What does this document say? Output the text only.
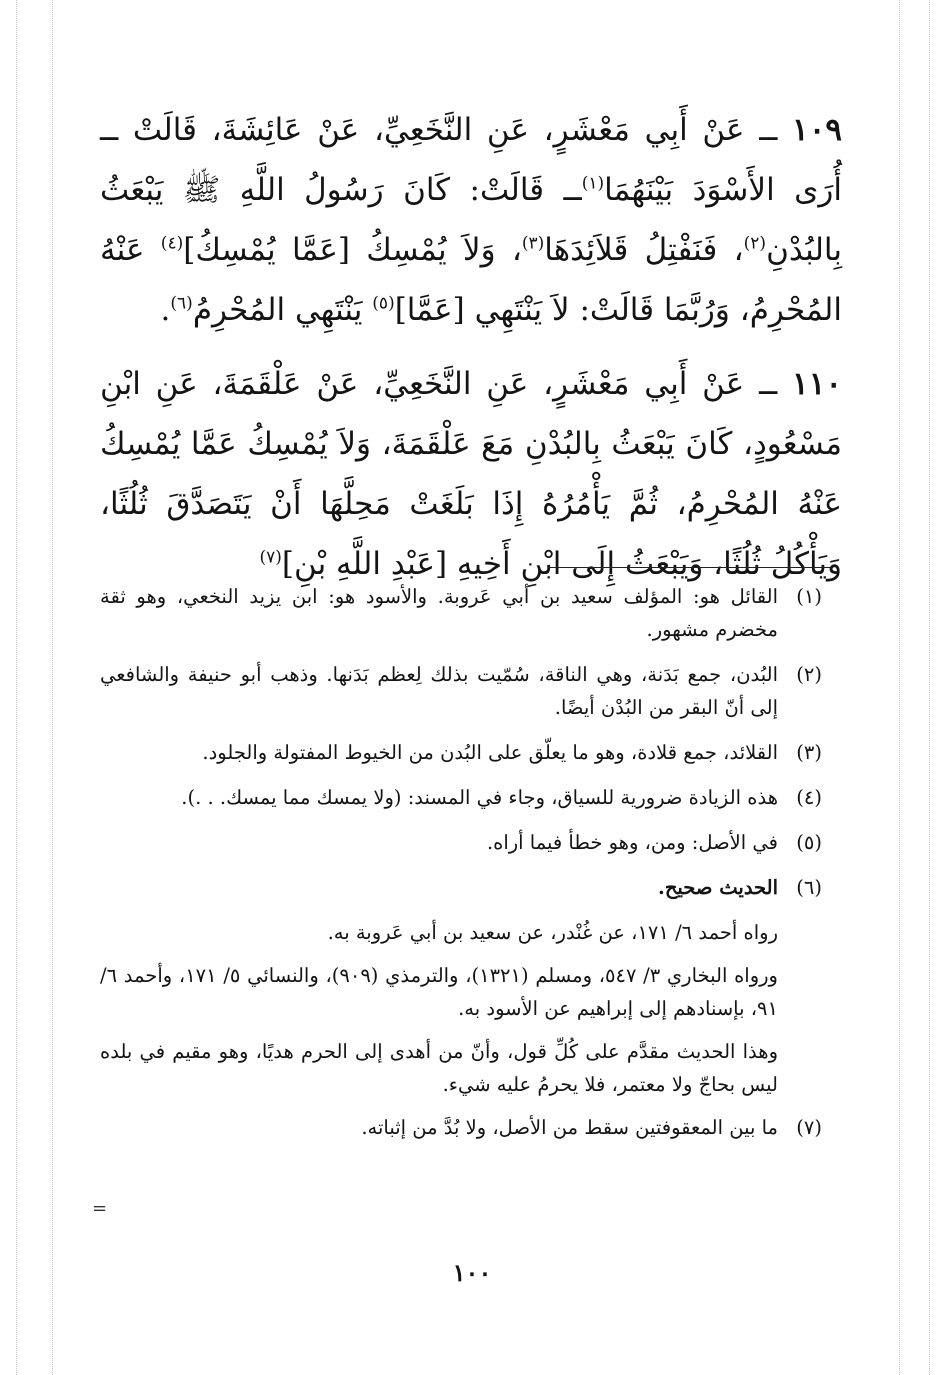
١٠٩ ــ عَنْ أَبِي مَعْشَرٍ، عَنِ النَّخَعِيِّ، عَنْ عَائِشَةَ، قَالَتْ ــ أُرَى الأَسْوَدَ بَيْنَهُمَا$^{(١)}$ــ قَالَتْ: كَانَ رَسُولُ اللَّهِ ﷺ يَبْعَثُ بِالبُدْنِ$^{(٢)}$، فَنَفْتِلُ قَلاَئِدَهَا$^{(٣)}$، وَلاَ يُمْسِكُ [عَمَّا يُمْسِكُ]$^{(٤)}$ عَنْهُ المُحْرِمُ، وَرُبَّمَا قَالَتْ: لاَ يَنْتَهِي [عَمَّا]$^{(٥)}$ يَنْتَهِي المُحْرِمُ$^{(٦)}$.

١١٠ ــ عَنْ أَبِي مَعْشَرٍ، عَنِ النَّخَعِيِّ، عَنْ عَلْقَمَةَ، عَنِ ابْنِ مَسْعُودٍ، كَانَ يَبْعَثُ بِالبُدْنِ مَعَ عَلْقَمَةَ، وَلاَ يُمْسِكُ عَمَّا يُمْسِكُ عَنْهُ المُحْرِمُ، ثُمَّ يَأْمُرُهُ إِذَا بَلَغَتْ مَحِلَّهَا أَنْ يَتَصَدَّقَ ثُلُثًا، وَيَأْكُلُ ثُلُثًا، وَيَبْعَثُ إِلَى ابْنِ أَخِيهِ [عَبْدِ اللَّهِ بْنِ]$^{(٧)}$

(١)
القائل هو: المؤلف سعيد بن أبي عَروبة. والأسود هو: ابن يزيد النخعي، وهو ثقة مخضرم مشهور.
(٢)
البُدن، جمع بَدَنة، وهي الناقة، سُمّيت بذلك لِعظم بَدَنها. وذهب أبو حنيفة والشافعي إلى أنّ البقر من البُدْن أيضًا.
(٣)
القلائد، جمع قلادة، وهو ما يعلّق على البُدن من الخيوط المفتولة والجلود.
(٤)
هذه الزيادة ضرورية للسياق، وجاء في المسند: (ولا يمسك مما يمسك. . .).
(٥)
في الأصل: ومن، وهو خطأ فيما أراه.
(٦)
الحديث صحيح.
رواه أحمد ٦/ ١٧١، عن غُنْدر، عن سعيد بن أبي عَروبة به.
ورواه البخاري ٣/ ٥٤٧، ومسلم (١٣٢١)، والترمذي (٩٠٩)، والنسائي ٥/ ١٧١، وأحمد ٦/ ٩١، بإسنادهم إلى إبراهيم عن الأسود به.
وهذا الحديث مقدَّم على كُلِّ قول، وأنّ من أهدى إلى الحرم هديًا، وهو مقيم في بلده ليس بحاجّ ولا معتمر، فلا يحرمُ عليه شيء.
(٧)
ما بين المعقوفتين سقط من الأصل، ولا بُدَّ من إثباته.
=
١٠٠
